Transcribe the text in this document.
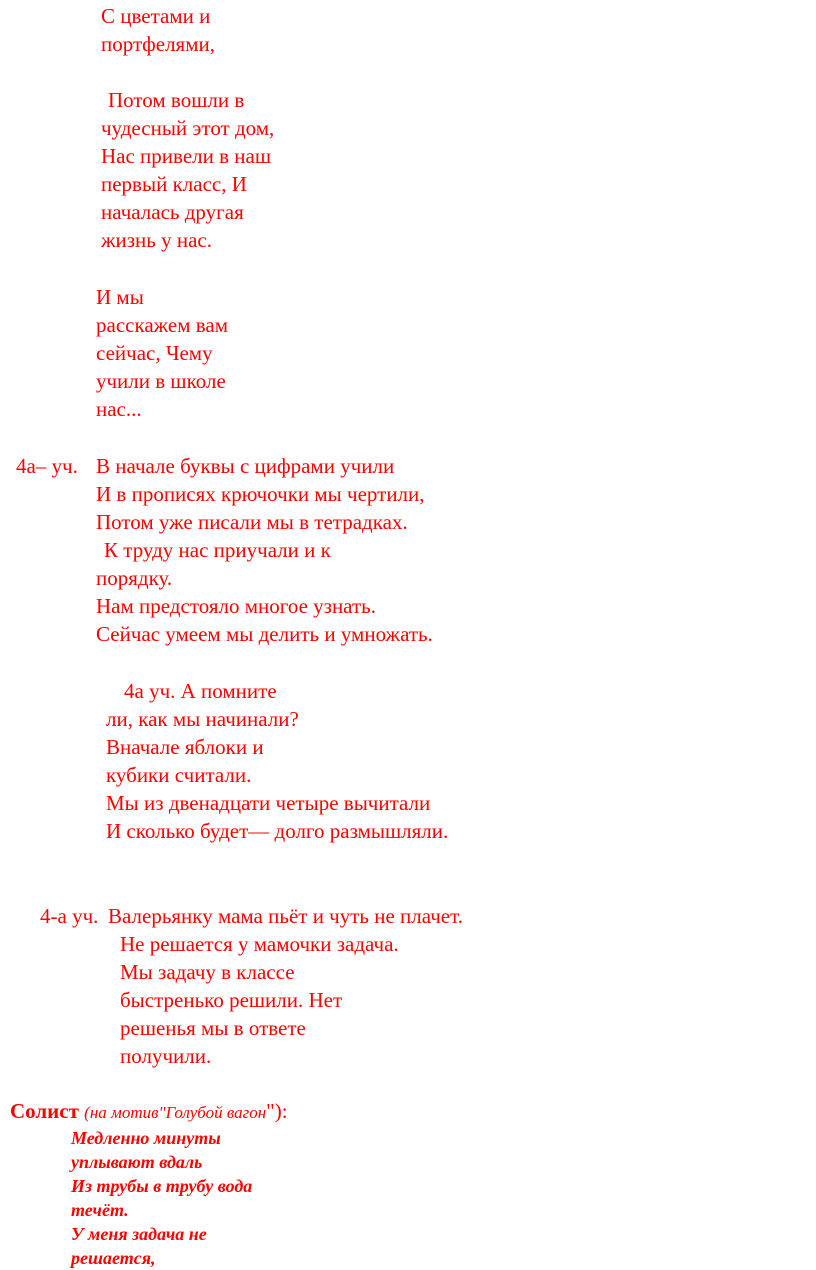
С цветами и
портфелями,
Потом вошли в
чудесный этот дом,
Нас привели в наш
первый класс, И
началась другая
жизнь у нас.
И мы
расскажем вам
сейчас, Чему
учили в школе
нас...
4а– уч. В начале буквы с цифрами учили
И в прописях крючочки мы чертили,
Потом уже писали мы в тетрадках.
К труду нас приучали и к
порядку.
Нам предстояло многое узнать.
Сейчас умеем мы делить и умножать.
4а уч. А помните
ли, как мы начинали?
Вначале яблоки и
кубики считали.
Мы из двенадцати четыре вычитали
И сколько будет— долго размышляли.
4-а уч. Валерьянку мама пьёт и чуть не плачет.
Не решается у мамочки задача.
Мы задачу в классе
быстренько решили. Нет
решенья мы в ответе
получили.
Солист (на мотив"Голубой вагон"):
Медленно минуты
уплывают вдаль
Из трубы в трубу вода
течёт.
У меня задача не
решается,
